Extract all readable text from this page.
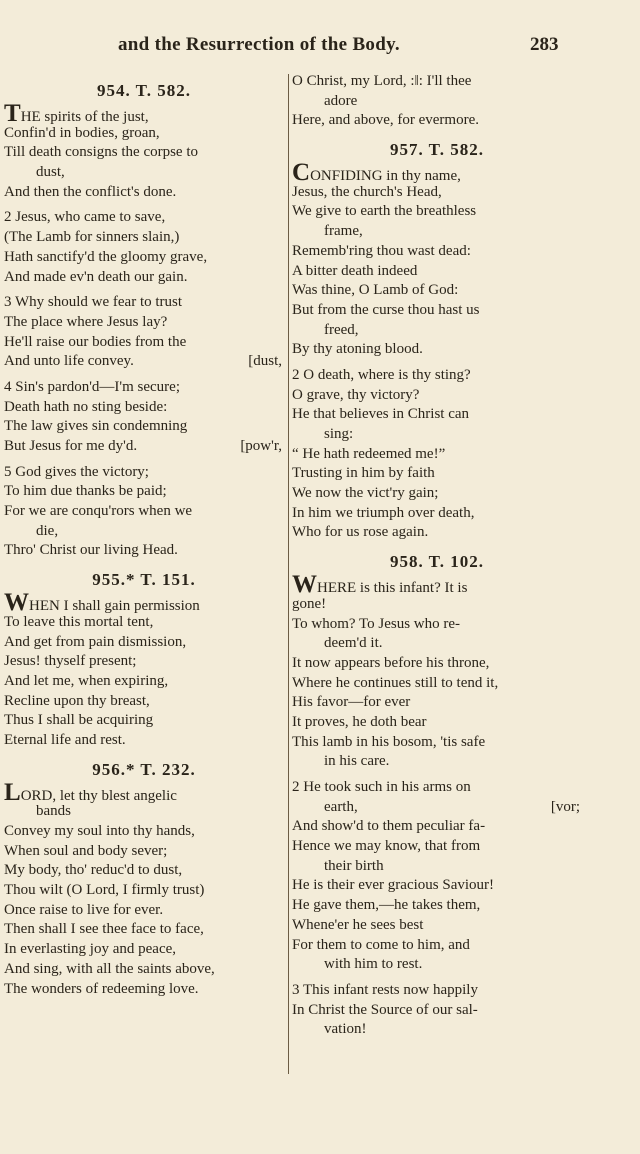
and the Resurrection of the Body.	283
954. T. 582.
THE spirits of the just,
Confin'd in bodies, groan,
Till death consigns the corpse to
dust,
And then the conflict's done.
2 Jesus, who came to save,
(The Lamb for sinners slain,)
Hath sanctify'd the gloomy grave,
And made ev'n death our gain.
3 Why should we fear to trust
The place where Jesus lay?
He'll raise our bodies from the
[dust,
And unto life convey.
4 Sin's pardon'd—I'm secure;
Death hath no sting beside:
The law gives sin condemning
[pow'r,
But Jesus for me dy'd.
5 God gives the victory;
To him due thanks be paid;
For we are conqu'rors when we
die,
Thro' Christ our living Head.
955.* T. 151.
WHEN I shall gain permission
To leave this mortal tent,
And get from pain dismission,
Jesus! thyself present;
And let me, when expiring,
Recline upon thy breast,
Thus I shall be acquiring
Eternal life and rest.
956.* T. 232.
LORD, let thy blest angelic
bands
Convey my soul into thy hands,
When soul and body sever;
My body, tho' reduc'd to dust,
Thou wilt (O Lord, I firmly trust)
Once raise to live for ever.
Then shall I see thee face to face,
In everlasting joy and peace,
And sing, with all the saints above,
The wonders of redeeming love.
O Christ, my Lord, :‖: I'll thee
adore
Here, and above, for evermore.
957. T. 582.
CONFIDING in thy name,
Jesus, the church's Head,
We give to earth the breathless
frame,
Rememb'ring thou wast dead:
A bitter death indeed
Was thine, O Lamb of God:
But from the curse thou hast us
freed,
By thy atoning blood.
2 O death, where is thy sting?
O grave, thy victory?
He that believes in Christ can
sing:
“ He hath redeemed me!”
Trusting in him by faith
We now the vict'ry gain;
In him we triumph over death,
Who for us rose again.
958. T. 102.
WHERE is this infant? It is
gone!
To whom? To Jesus who re-
deem'd it.
It now appears before his throne,
Where he continues still to tend it,
His favor—for ever
It proves, he doth bear
This lamb in his bosom, 'tis safe
in his care.
2 He took such in his arms on
[vor;
earth,
And show'd to them peculiar fa-
Hence we may know, that from
their birth
He is their ever gracious Saviour!
He gave them,—he takes them,
Whene'er he sees best
For them to come to him, and
with him to rest.
3 This infant rests now happily
In Christ the Source of our sal-
vation!
